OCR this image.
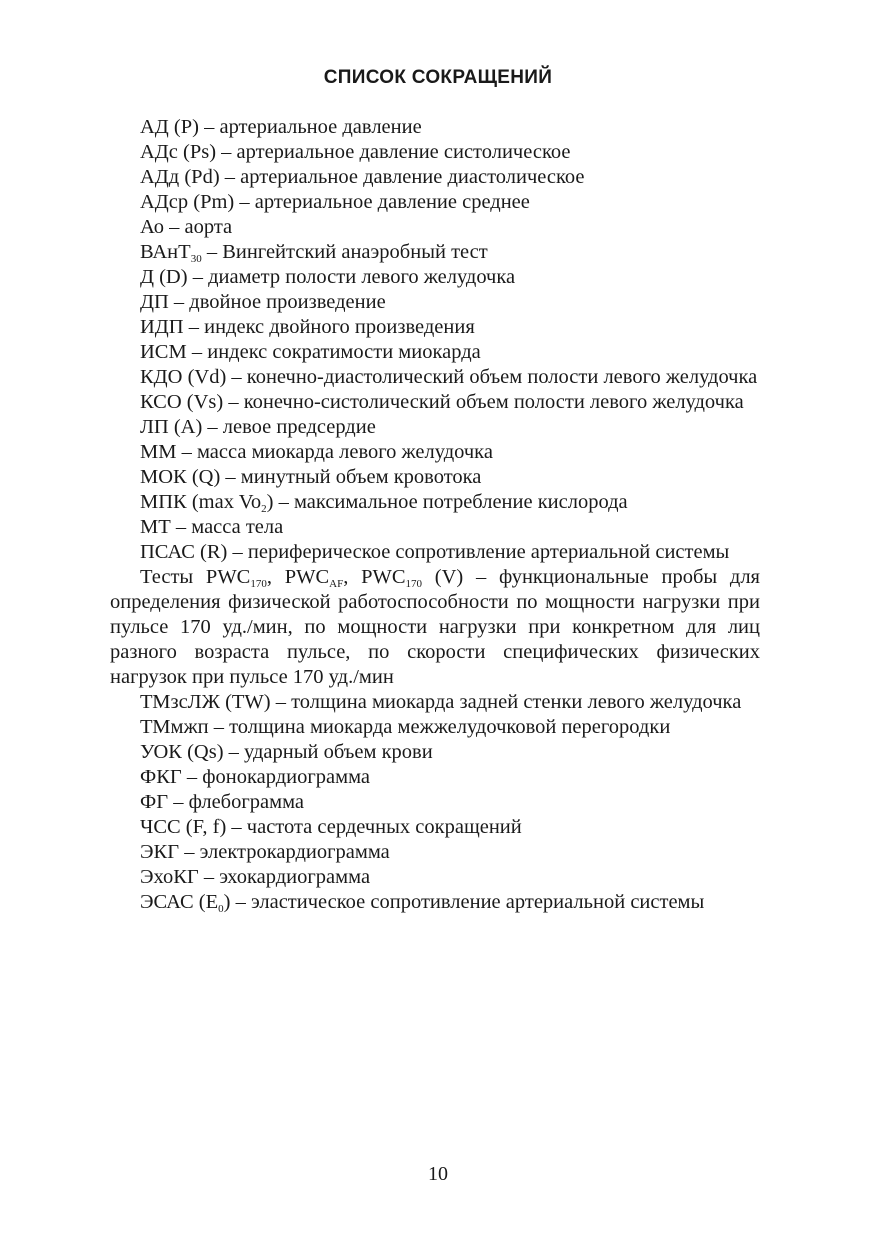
СПИСОК СОКРАЩЕНИЙ

АД (P) – артериальное давление

АДс (Ps) – артериальное давление систолическое

АДд (Pd) – артериальное давление диастолическое

АДср (Pm) – артериальное давление среднее

Ао – аорта

ВАнТ$_{30}$ – Вингейтский анаэробный тест

Д (D) – диаметр полости левого желудочка

ДП – двойное произведение

ИДП – индекс двойного произведения

ИСМ – индекс сократимости миокарда

КДО (Vd) – конечно-диастолический объем полости левого желудочка

КСО (Vs) – конечно-систолический объем полости левого желудочка

ЛП (A) – левое предсердие

ММ – масса миокарда левого желудочка

МОК (Q) – минутный объем кровотока

МПК (max $Vo_2$) – максимальное потребление кислорода

МТ – масса тела

ПСАС (R) – периферическое сопротивление артериальной системы

Тесты $PWC_{170}$, $PWC_{AF}$, $PWC_{170}$ (V) – функциональные пробы для определения физической работоспособности по мощности нагрузки при пульсе 170 уд./мин, по мощности нагрузки при конкретном для лиц разного возраста пульсе, по скорости специфических физических нагрузок при пульсе 170 уд./мин

ТМзсЛЖ (TW) – толщина миокарда задней стенки левого желудочка

ТМмжп – толщина миокарда межжелудочковой перегородки

УОК (Qs) – ударный объем крови

ФКГ – фонокардиограмма

ФГ – флебограмма

ЧСС (F, f) – частота сердечных сокращений

ЭКГ – электрокардиограмма

ЭхоКГ – эхокардиограмма

ЭСАС $(E_0)$ – эластическое сопротивление артериальной системы

10
